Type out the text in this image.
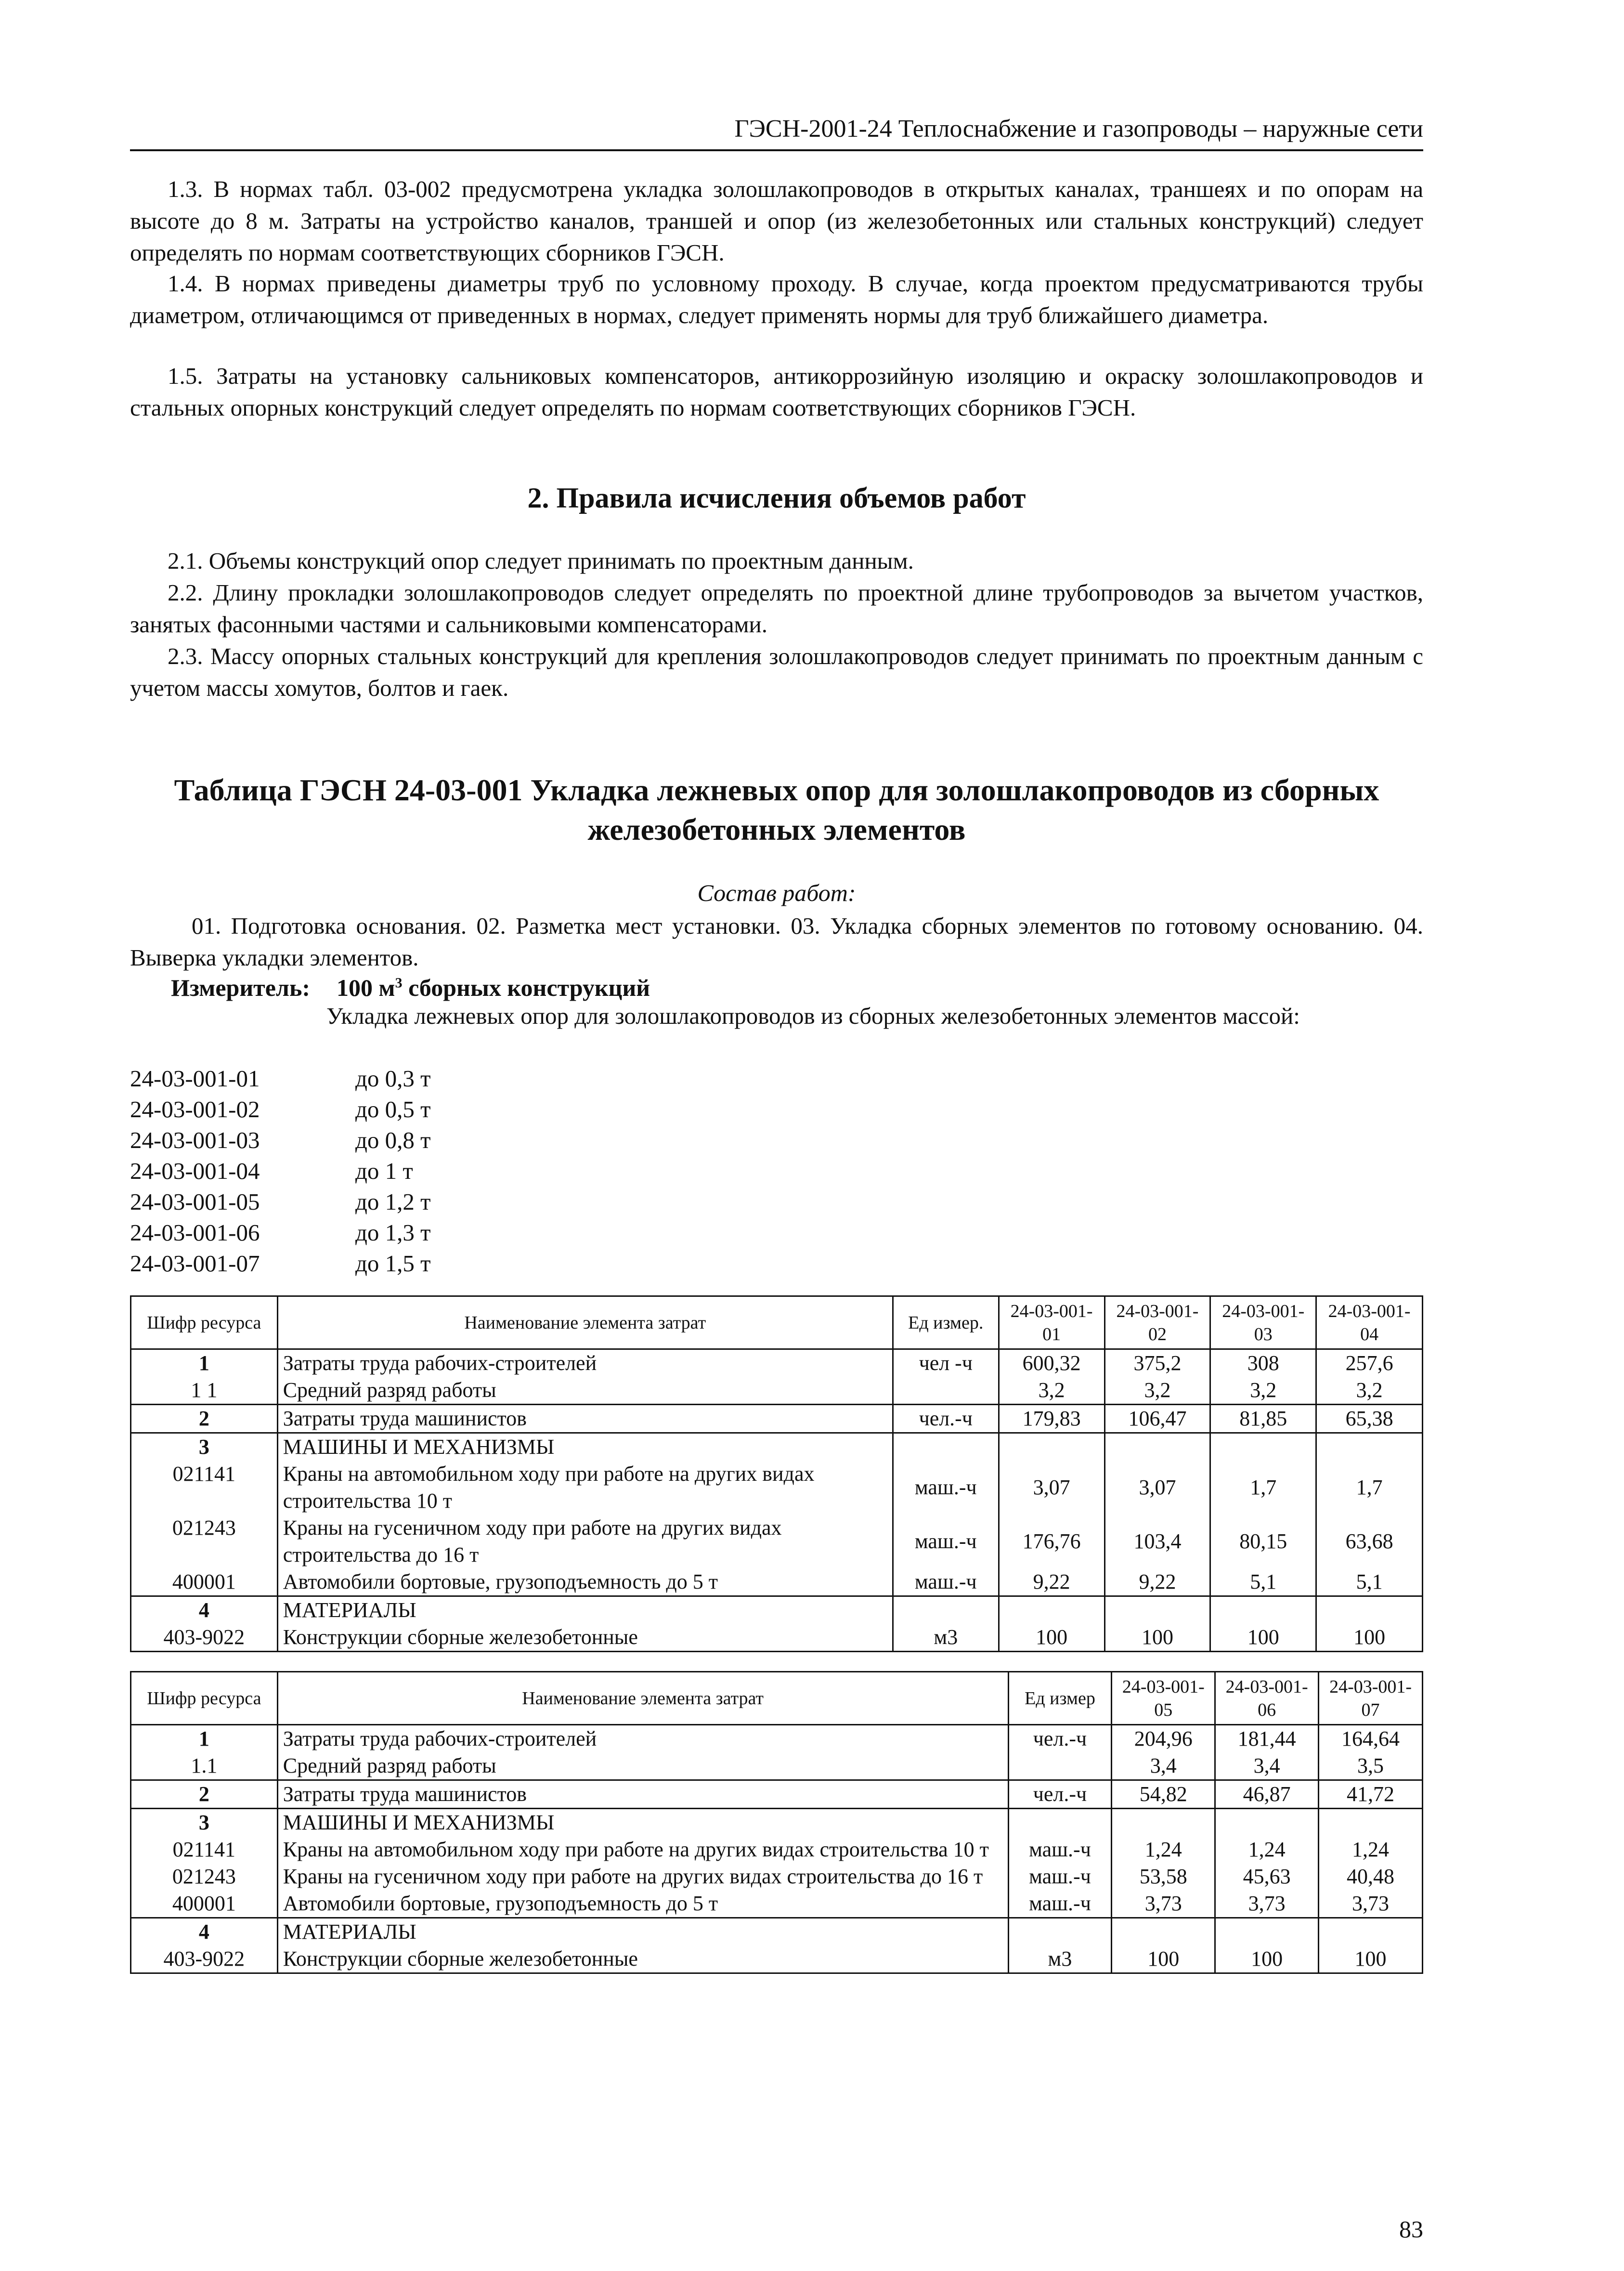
ГЭСН-2001-24 Теплоснабжение и газопроводы – наружные сети
1.3. В нормах табл. 03-002 предусмотрена укладка золошлакопроводов в открытых каналах, траншеях и по опорам на высоте до 8 м. Затраты на устройство каналов, траншей и опор (из железобетонных или стальных конструкций) следует определять по нормам соответствующих сборников ГЭСН.
1.4. В нормах приведены диаметры труб по условному проходу. В случае, когда проектом предусматриваются трубы диаметром, отличающимся от приведенных в нормах, следует применять нормы для труб ближайшего диаметра.
1.5. Затраты на установку сальниковых компенсаторов, антикоррозийную изоляцию и окраску золошлакопроводов и стальных опорных конструкций следует определять по нормам соответствующих сборников ГЭСН.
2. Правила исчисления объемов работ
2.1. Объемы конструкций опор следует принимать по проектным данным.
2.2. Длину прокладки золошлакопроводов следует определять по проектной длине трубопроводов за вычетом участков, занятых фасонными частями и сальниковыми компенсаторами.
2.3. Массу опорных стальных конструкций для крепления золошлакопроводов следует принимать по проектным данным с учетом массы хомутов, болтов и гаек.
Таблица ГЭСН 24-03-001 Укладка лежневых опор для золошлакопроводов из сборных
железобетонных элементов
Состав работ:
01. Подготовка основания. 02. Разметка мест установки. 03. Укладка сборных элементов по готовому основанию. 04. Выверка укладки элементов.
Измеритель: 100 $м^3$ сборных конструкций
Укладка лежневых опор для золошлакопроводов из сборных железобетонных элементов массой:
24-03-001-01	до 0,3 т
24-03-001-02	до 0,5 т
24-03-001-03	до 0,8 т
24-03-001-04	до 1 т
24-03-001-05	до 1,2 т
24-03-001-06	до 1,3 т
24-03-001-07	до 1,5 т
Шифр ресурса	Наименование элемента затрат	Ед измер.	24-03-001-01	24-03-001-02	24-03-001-03	24-03-001-04
1	Затраты труда рабочих-строителей	чел -ч	600,32	375,2	308	257,6
1 1	Средний разряд работы		3,2	3,2	3,2	3,2
2	Затраты труда машинистов	чел.-ч	179,83	106,47	81,85	65,38
3	МАШИНЫ И МЕХАНИЗМЫ					
021141	Краны на автомобильном ходу при работе на других видах строительства 10 т	маш.-ч	3,07	3,07	1,7	1,7
021243	Краны на гусеничном ходу при работе на других видах строительства до 16 т	маш.-ч	176,76	103,4	80,15	63,68
400001	Автомобили бортовые, грузоподъемность до 5 т	маш.-ч	9,22	9,22	5,1	5,1
4	МАТЕРИАЛЫ					
403-9022	Конструкции сборные железобетонные	м3	100	100	100	100
Шифр ресурса	Наименование элемента затрат	Ед измер	24-03-001-05	24-03-001-06	24-03-001-07
1	Затраты труда рабочих-строителей	чел.-ч	204,96	181,44	164,64
1.1	Средний разряд работы		3,4	3,4	3,5
2	Затраты труда машинистов	чел.-ч	54,82	46,87	41,72
3	МАШИНЫ И МЕХАНИЗМЫ				
021141	Краны на автомобильном ходу при работе на других видах строительства 10 т	маш.-ч	1,24	1,24	1,24
021243	Краны на гусеничном ходу при работе на других видах строительства до 16 т	маш.-ч	53,58	45,63	40,48
400001	Автомобили бортовые, грузоподъемность до 5 т	маш.-ч	3,73	3,73	3,73
4	МАТЕРИАЛЫ				
403-9022	Конструкции сборные железобетонные	м3	100	100	100
83
